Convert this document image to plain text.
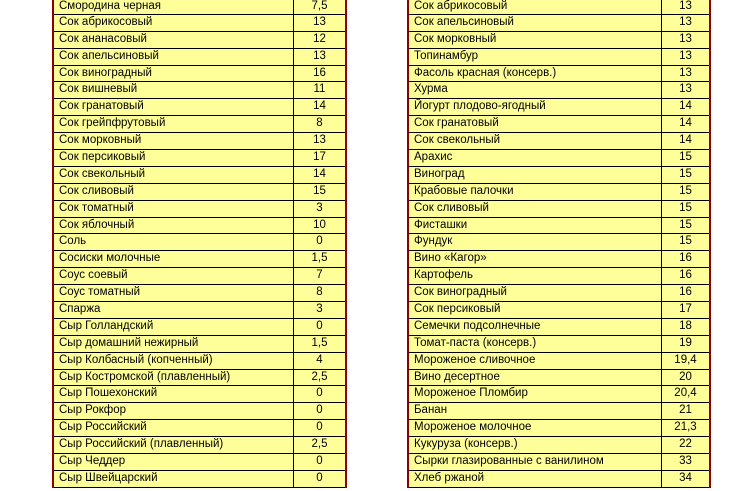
Смородина черная	7,5
Сок абрикосовый	13
Сок ананасовый	12
Сок апельсиновый	13
Сок виноградный	16
Сок вишневый	11
Сок гранатовый	14
Сок грейпфрутовый	8
Сок морковный	13
Сок персиковый	17
Сок свекольный	14
Сок сливовый	15
Сок томатный	3
Сок яблочный	10
Соль	0
Сосиски молочные	1,5
Соус соевый	7
Соус томатный	8
Спаржа	3
Сыр Голландский	0
Сыр домашний нежирный	1,5
Сыр Колбасный (копченный)	4
Сыр Костромской (плавленный)	2,5
Сыр Пошехонский	0
Сыр Рокфор	0
Сыр Российский	0
Сыр Российский (плавленный)	2,5
Сыр Чеддер	0
Сыр Швейцарский	0
Сок абрикосовый	13
Сок апельсиновый	13
Сок морковный	13
Топинамбур	13
Фасоль красная (консерв.)	13
Хурма	13
Йогурт плодово-ягодный	14
Сок гранатовый	14
Сок свекольный	14
Арахис	15
Виноград	15
Крабовые палочки	15
Сок сливовый	15
Фисташки	15
Фундук	15
Вино «Кагор»	16
Картофель	16
Сок виноградный	16
Сок персиковый	17
Семечки подсолнечные	18
Томат-паста (консерв.)	19
Мороженое сливочное	19,4
Вино десертное	20
Мороженое Пломбир	20,4
Банан	21
Мороженое молочное	21,3
Кукуруза (консерв.)	22
Сырки глазированные с ванилином	33
Хлеб ржаной	34
